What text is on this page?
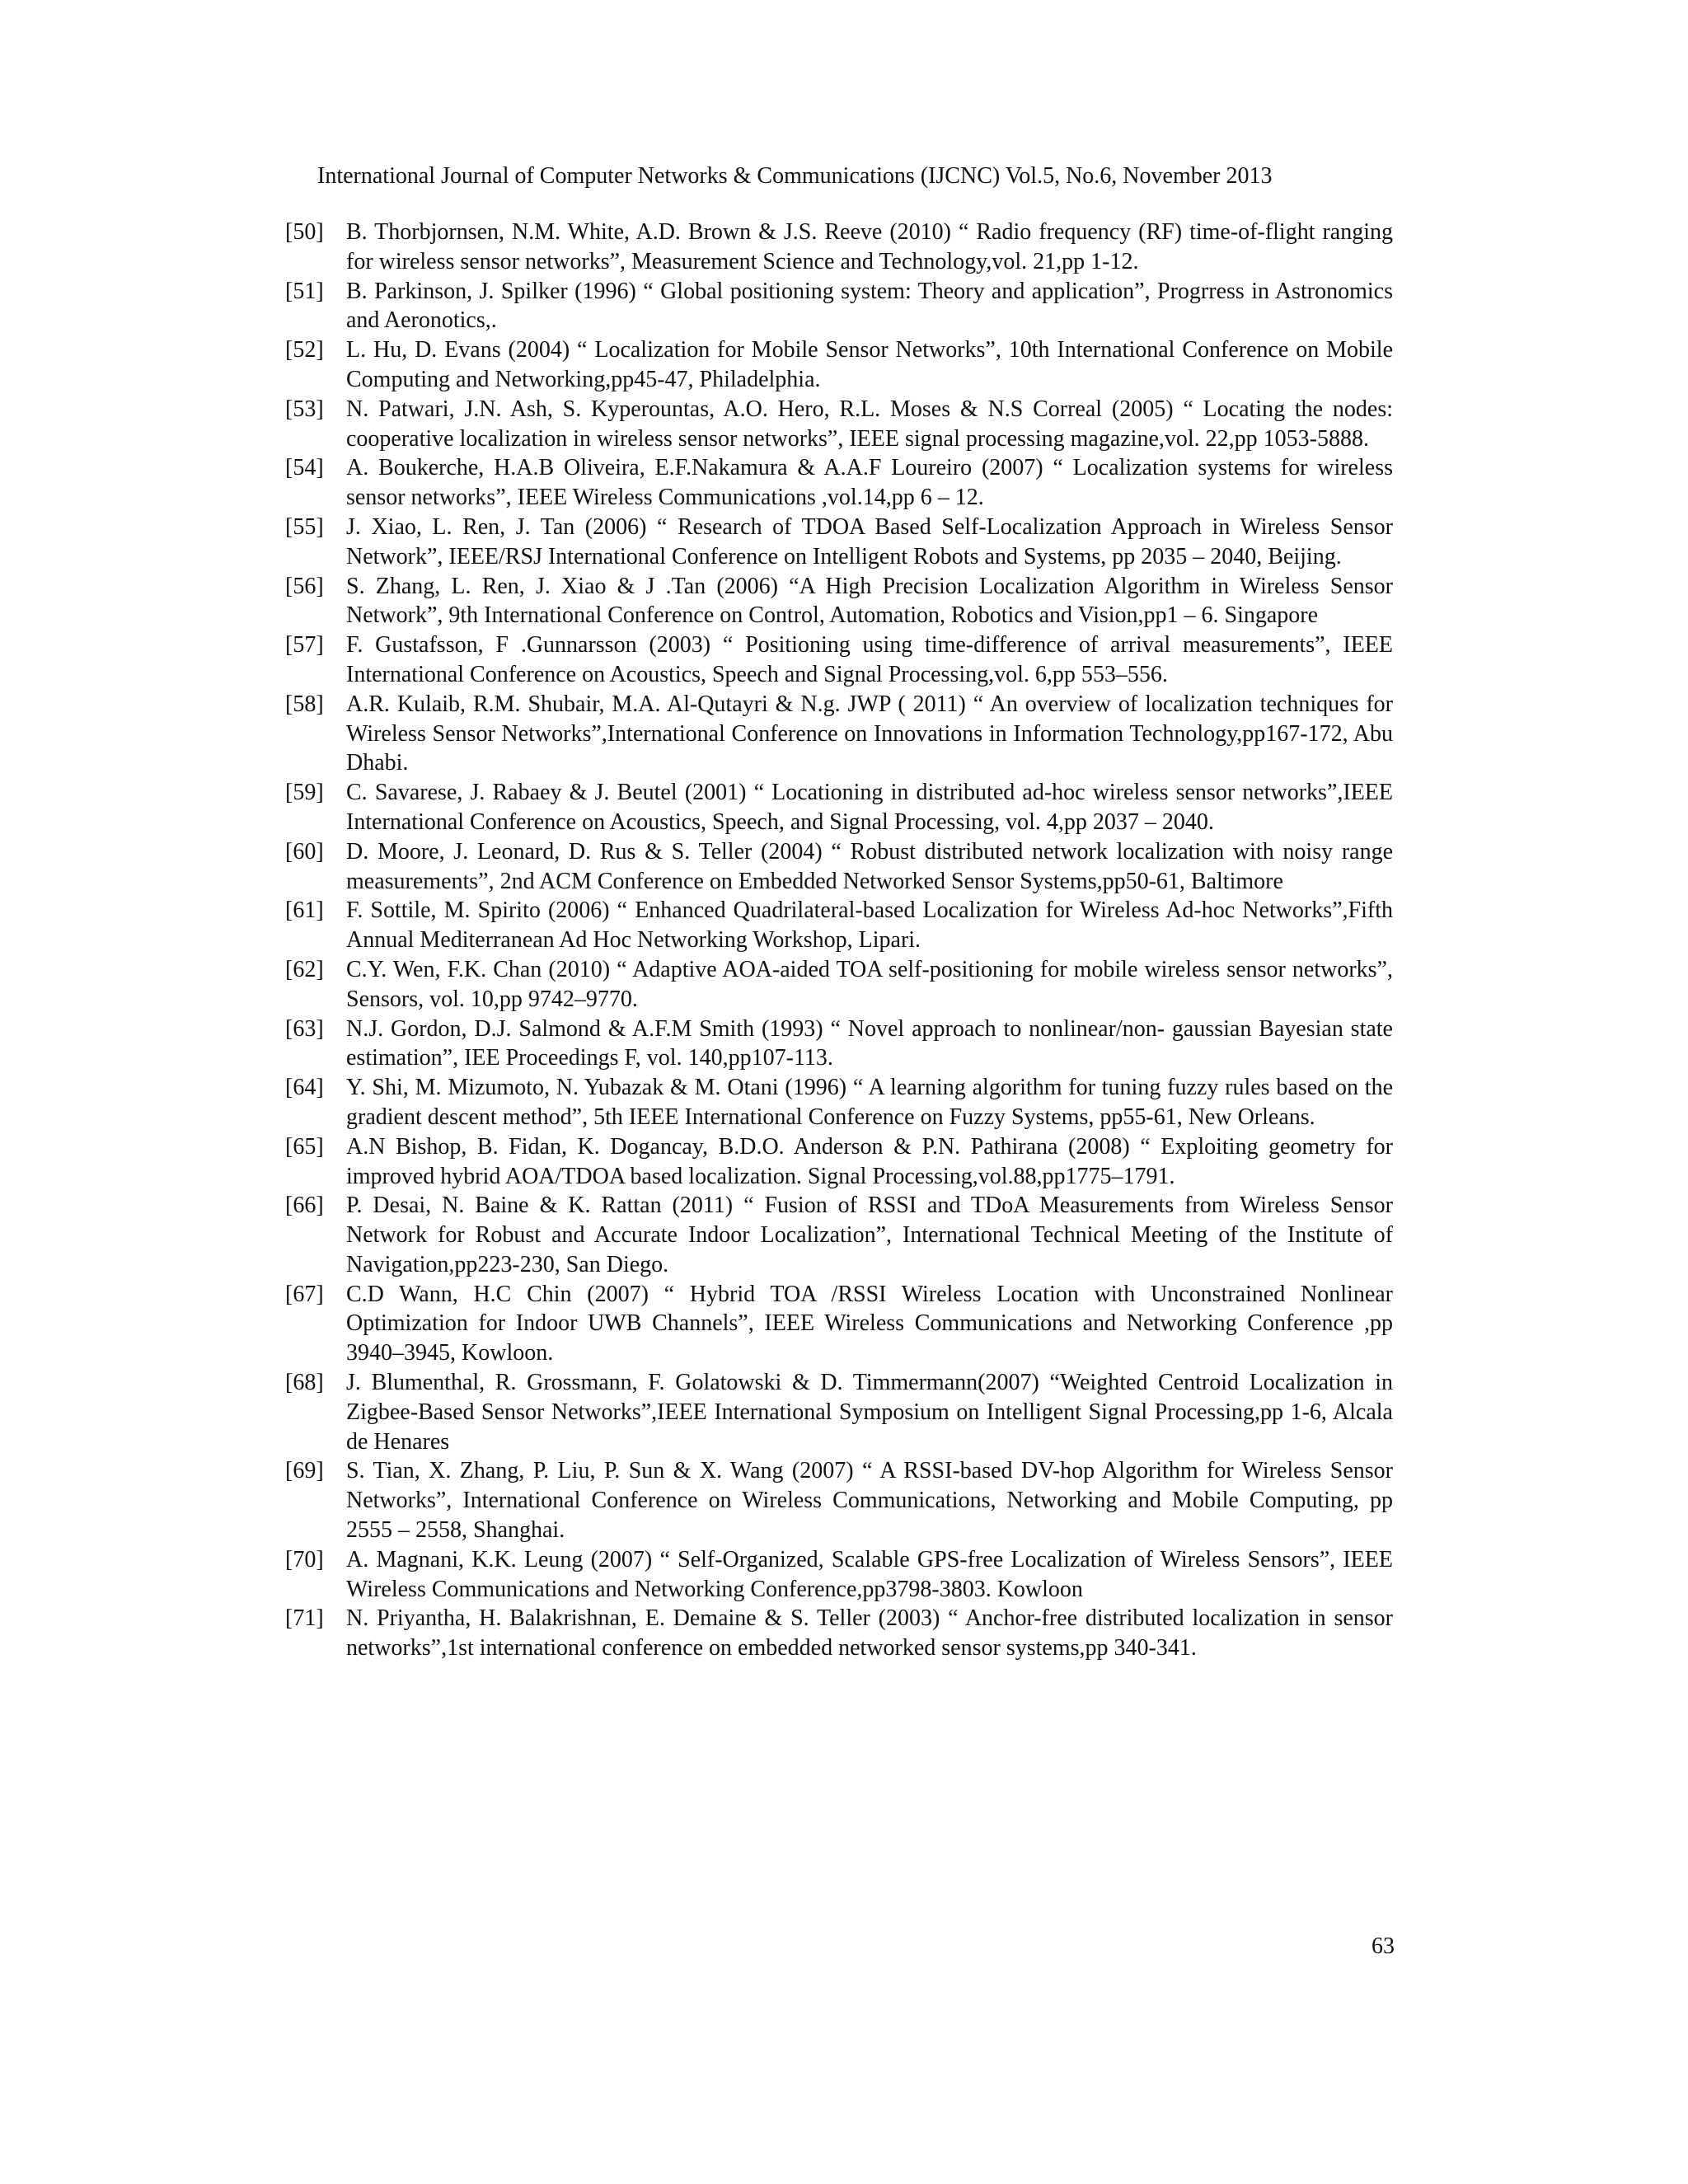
International Journal of Computer Networks & Communications (IJCNC) Vol.5, No.6, November 2013
[50] B. Thorbjornsen, N.M. White, A.D. Brown & J.S. Reeve (2010) “ Radio frequency (RF) time-of-flight ranging for wireless sensor networks”, Measurement Science and Technology,vol. 21,pp 1-12.
[51] B. Parkinson, J. Spilker (1996) “ Global positioning system: Theory and application”, Progrress in Astronomics and Aeronotics,.
[52] L. Hu, D. Evans (2004) “ Localization for Mobile Sensor Networks”, 10th International Conference on Mobile Computing and Networking,pp45-47, Philadelphia.
[53] N. Patwari, J.N. Ash, S. Kyperountas, A.O. Hero, R.L. Moses & N.S Correal (2005) “ Locating the nodes: cooperative localization in wireless sensor networks”, IEEE signal processing magazine,vol. 22,pp 1053-5888.
[54] A. Boukerche, H.A.B Oliveira, E.F.Nakamura & A.A.F Loureiro (2007) “ Localization systems for wireless sensor networks”, IEEE Wireless Communications ,vol.14,pp 6 – 12.
[55] J. Xiao, L. Ren, J. Tan (2006) “ Research of TDOA Based Self-Localization Approach in Wireless Sensor Network”, IEEE/RSJ International Conference on Intelligent Robots and Systems, pp 2035 – 2040, Beijing.
[56] S. Zhang, L. Ren, J. Xiao & J .Tan (2006) “A High Precision Localization Algorithm in Wireless Sensor Network”, 9th International Conference on Control, Automation, Robotics and Vision,pp1 – 6. Singapore
[57] F. Gustafsson, F .Gunnarsson (2003) “ Positioning using time-difference of arrival measurements”, IEEE International Conference on Acoustics, Speech and Signal Processing,vol. 6,pp 553–556.
[58] A.R. Kulaib, R.M. Shubair, M.A. Al-Qutayri & N.g. JWP ( 2011) “ An overview of localization techniques for Wireless Sensor Networks”,International Conference on Innovations in Information Technology,pp167-172, Abu Dhabi.
[59] C. Savarese, J. Rabaey & J. Beutel (2001) “ Locationing in distributed ad-hoc wireless sensor networks”,IEEE International Conference on Acoustics, Speech, and Signal Processing, vol. 4,pp 2037 – 2040.
[60] D. Moore, J. Leonard, D. Rus & S. Teller (2004) “ Robust distributed network localization with noisy range measurements”, 2nd ACM Conference on Embedded Networked Sensor Systems,pp50-61, Baltimore
[61] F. Sottile, M. Spirito (2006) “ Enhanced Quadrilateral-based Localization for Wireless Ad-hoc Networks”,Fifth Annual Mediterranean Ad Hoc Networking Workshop, Lipari.
[62] C.Y. Wen, F.K. Chan (2010) “ Adaptive AOA-aided TOA self-positioning for mobile wireless sensor networks”, Sensors, vol. 10,pp 9742–9770.
[63] N.J. Gordon, D.J. Salmond & A.F.M Smith (1993) “ Novel approach to nonlinear/non- gaussian Bayesian state estimation”, IEE Proceedings F, vol. 140,pp107-113.
[64] Y. Shi, M. Mizumoto, N. Yubazak & M. Otani (1996) “ A learning algorithm for tuning fuzzy rules based on the gradient descent method”, 5th IEEE International Conference on Fuzzy Systems, pp55-61, New Orleans.
[65] A.N Bishop, B. Fidan, K. Dogancay, B.D.O. Anderson & P.N. Pathirana (2008) “ Exploiting geometry for improved hybrid AOA/TDOA based localization. Signal Processing,vol.88,pp1775–1791.
[66] P. Desai, N. Baine & K. Rattan (2011) “ Fusion of RSSI and TDoA Measurements from Wireless Sensor Network for Robust and Accurate Indoor Localization”, International Technical Meeting of the Institute of Navigation,pp223-230, San Diego.
[67] C.D Wann, H.C Chin (2007) “ Hybrid TOA /RSSI Wireless Location with Unconstrained Nonlinear Optimization for Indoor UWB Channels”, IEEE Wireless Communications and Networking Conference ,pp 3940–3945, Kowloon.
[68] J. Blumenthal, R. Grossmann, F. Golatowski & D. Timmermann(2007) “Weighted Centroid Localization in Zigbee-Based Sensor Networks”,IEEE International Symposium on Intelligent Signal Processing,pp 1-6, Alcala de Henares
[69] S. Tian, X. Zhang, P. Liu, P. Sun & X. Wang (2007) “ A RSSI-based DV-hop Algorithm for Wireless Sensor Networks”, International Conference on Wireless Communications, Networking and Mobile Computing, pp 2555 – 2558, Shanghai.
[70] A. Magnani, K.K. Leung (2007) “ Self-Organized, Scalable GPS-free Localization of Wireless Sensors”, IEEE Wireless Communications and Networking Conference,pp3798-3803. Kowloon
[71] N. Priyantha, H. Balakrishnan, E. Demaine & S. Teller (2003) “ Anchor-free distributed localization in sensor networks”,1st international conference on embedded networked sensor systems,pp 340-341.
63
